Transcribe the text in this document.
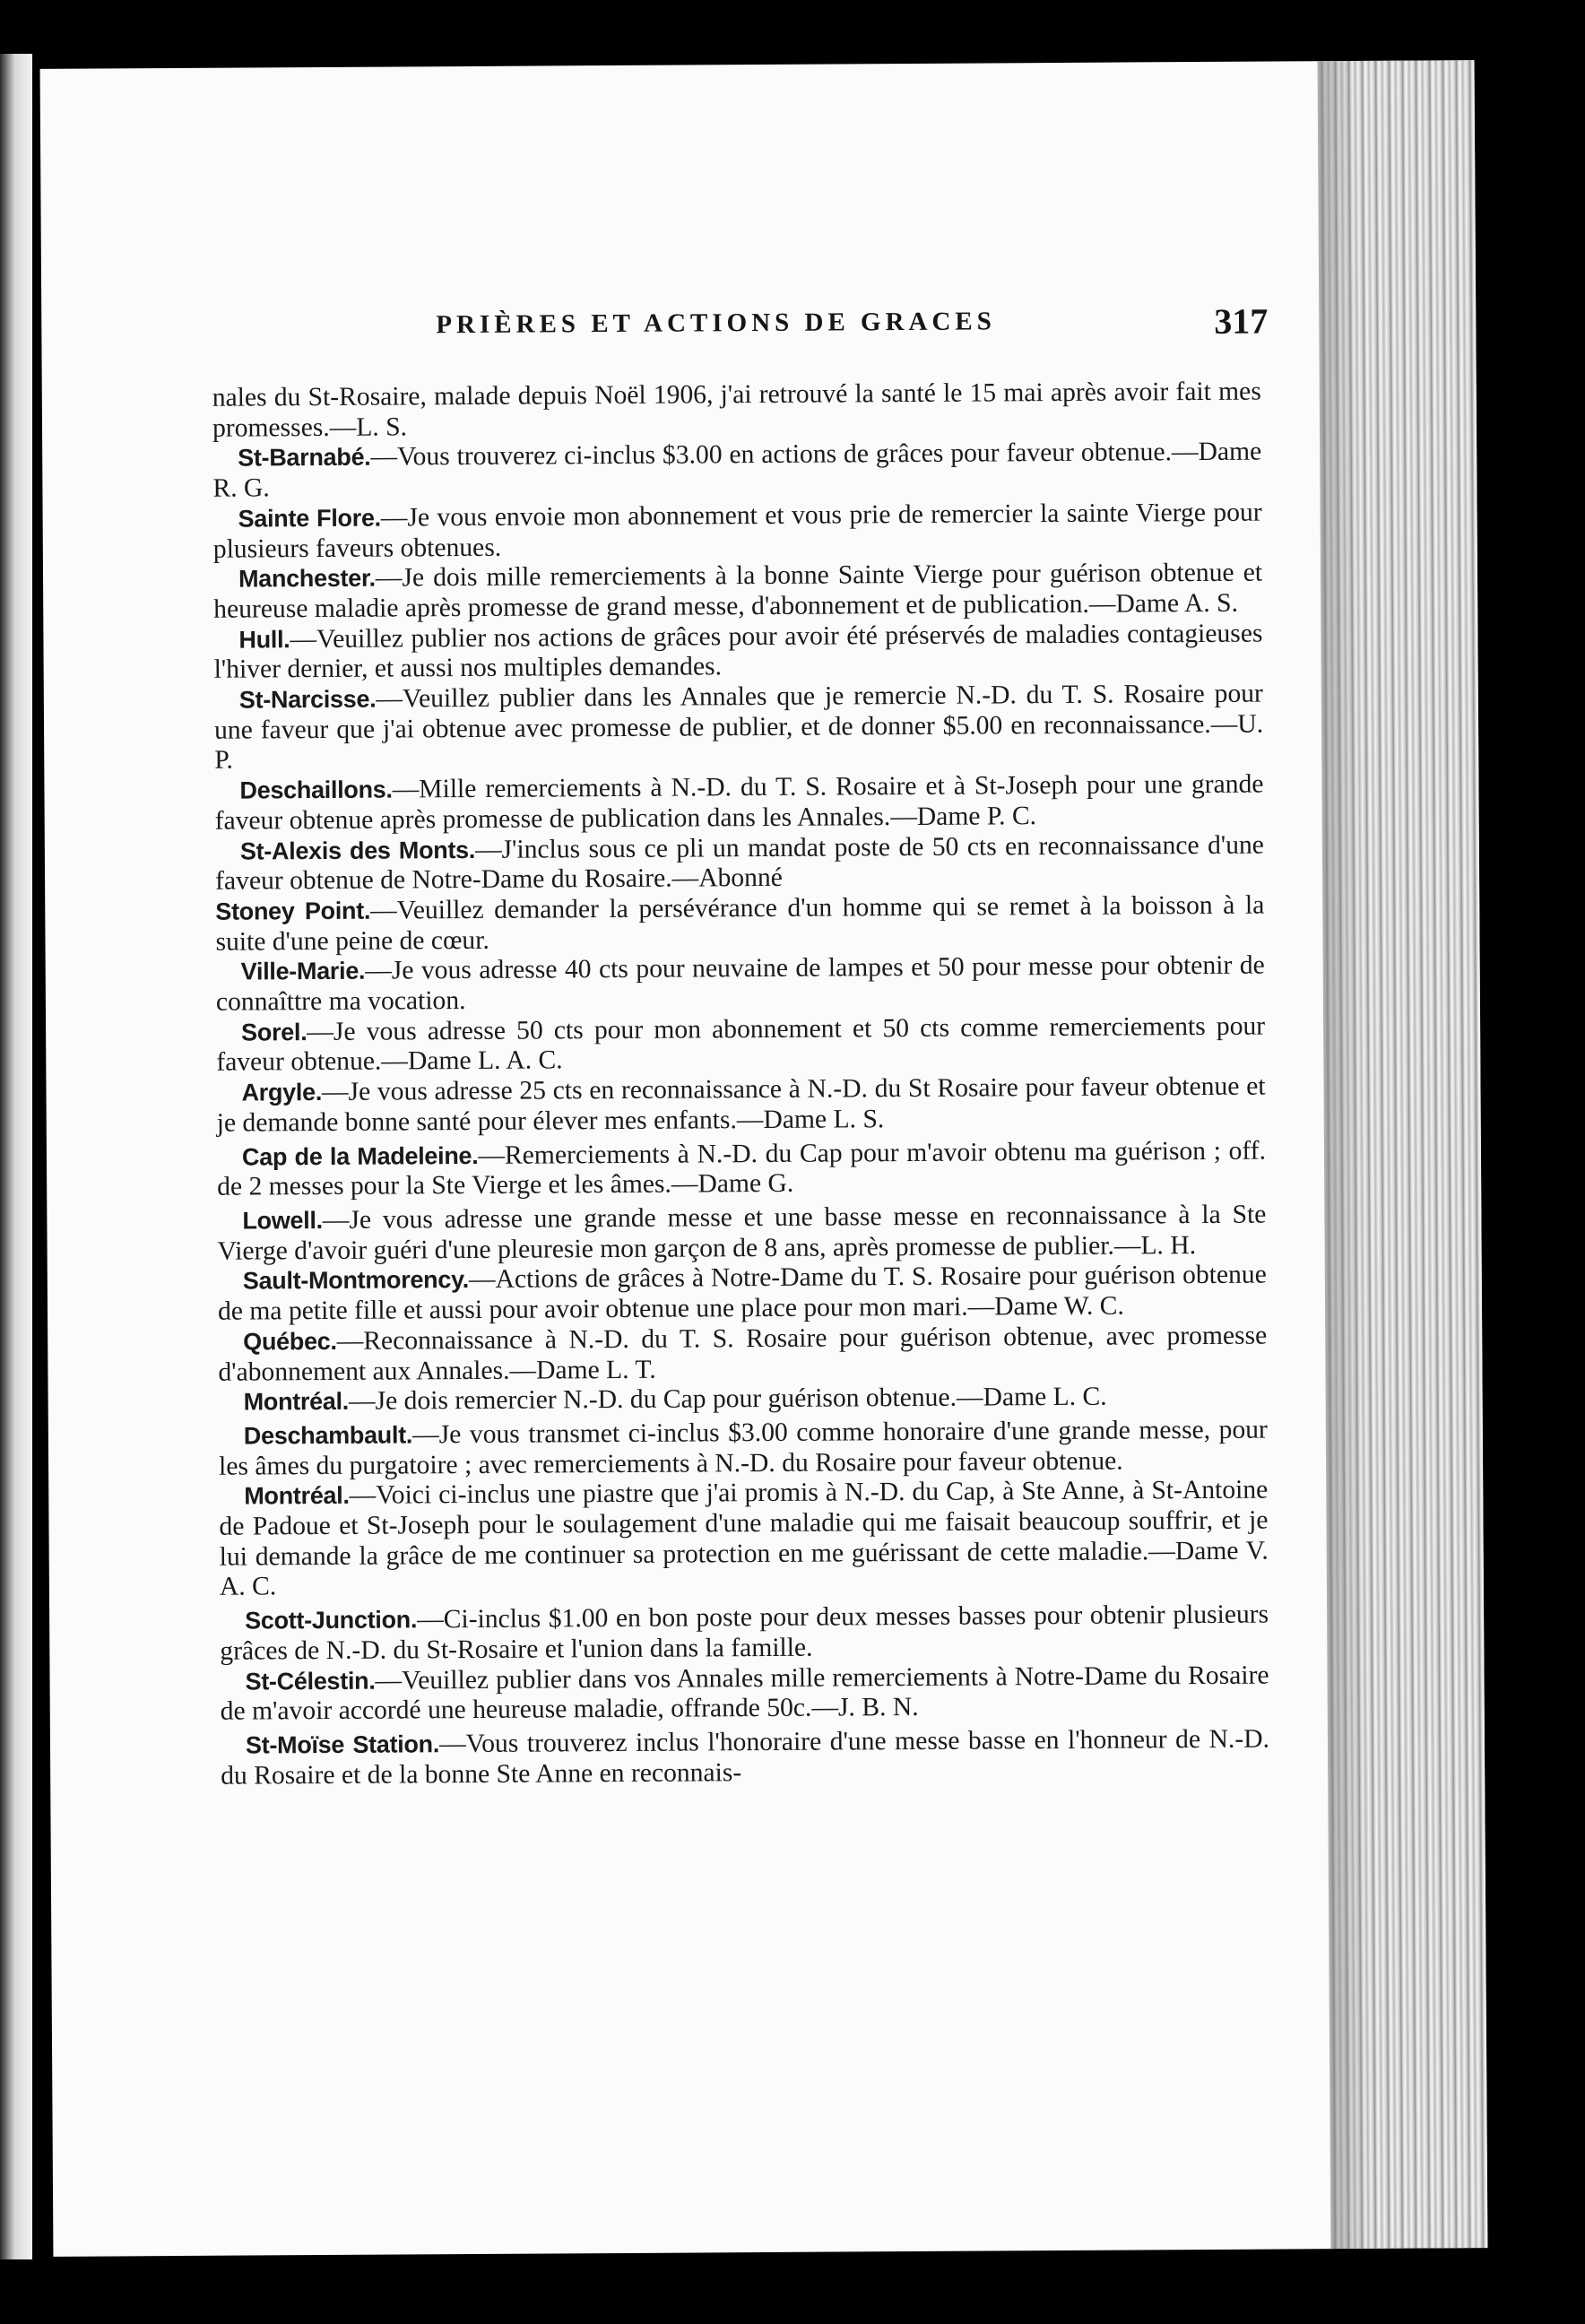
PRIÈRES ET ACTIONS DE GRACES	317

nales du St-Rosaire, malade depuis Noël 1906, j'ai retrouvé la santé le 15 mai après avoir fait mes promesses.—L. S.

St-Barnabé.—Vous trouverez ci-inclus $3.00 en actions de grâces pour faveur obtenue.—Dame R. G.

Sainte Flore.—Je vous envoie mon abonnement et vous prie de remercier la sainte Vierge pour plusieurs faveurs obtenues.

Manchester.—Je dois mille remerciements à la bonne Sainte Vierge pour guérison obtenue et heureuse maladie après promesse de grand messe, d'abonnement et de publication.—Dame A. S.

Hull.—Veuillez publier nos actions de grâces pour avoir été préservés de maladies contagieuses l'hiver dernier, et aussi nos multiples demandes.

St-Narcisse.—Veuillez publier dans les Annales que je remercie N.-D. du T. S. Rosaire pour une faveur que j'ai obtenue avec promesse de publier, et de donner $5.00 en reconnaissance.—U. P.

Deschaillons.—Mille remerciements à N.-D. du T. S. Rosaire et à St-Joseph pour une grande faveur obtenue après promesse de publication dans les Annales.—Dame P. C.

St-Alexis des Monts.—J'inclus sous ce pli un mandat poste de 50 cts en reconnaissance d'une faveur obtenue de Notre-Dame du Rosaire.—Abonné

Stoney Point.—Veuillez demander la persévérance d'un homme qui se remet à la boisson à la suite d'une peine de cœur.

Ville-Marie.—Je vous adresse 40 cts pour neuvaine de lampes et 50 pour messe pour obtenir de connaîttre ma vocation.

Sorel.—Je vous adresse 50 cts pour mon abonnement et 50 cts comme remerciements pour faveur obtenue.—Dame L. A. C.

Argyle.—Je vous adresse 25 cts en reconnaissance à N.-D. du St Rosaire pour faveur obtenue et je demande bonne santé pour élever mes enfants.—Dame L. S.

Cap de la Madeleine.—Remerciements à N.-D. du Cap pour m'avoir obtenu ma guérison ; off. de 2 messes pour la Ste Vierge et les âmes.—Dame G.

Lowell.—Je vous adresse une grande messe et une basse messe en reconnaissance à la Ste Vierge d'avoir guéri d'une pleuresie mon garçon de 8 ans, après promesse de publier.—L. H.

Sault-Montmorency.—Actions de grâces à Notre-Dame du T. S. Rosaire pour guérison obtenue de ma petite fille et aussi pour avoir obtenue une place pour mon mari.—Dame W. C.

Québec.—Reconnaissance à N.-D. du T. S. Rosaire pour guérison obtenue, avec promesse d'abonnement aux Annales.—Dame L. T.

Montréal.—Je dois remercier N.-D. du Cap pour guérison obtenue.—Dame L. C.

Deschambault.—Je vous transmet ci-inclus $3.00 comme honoraire d'une grande messe, pour les âmes du purgatoire ; avec remerciements à N.-D. du Rosaire pour faveur obtenue.

Montréal.—Voici ci-inclus une piastre que j'ai promis à N.-D. du Cap, à Ste Anne, à St-Antoine de Padoue et St-Joseph pour le soulagement d'une maladie qui me faisait beaucoup souffrir, et je lui demande la grâce de me continuer sa protection en me guérissant de cette maladie.—Dame V. A. C.

Scott-Junction.—Ci-inclus $1.00 en bon poste pour deux messes basses pour obtenir plusieurs grâces de N.-D. du St-Rosaire et l'union dans la famille.

St-Célestin.—Veuillez publier dans vos Annales mille remerciements à Notre-Dame du Rosaire de m'avoir accordé une heureuse maladie, offrande 50c.—J. B. N.

St-Moïse Station.—Vous trouverez inclus l'honoraire d'une messe basse en l'honneur de N.-D. du Rosaire et de la bonne Ste Anne en reconnais-
